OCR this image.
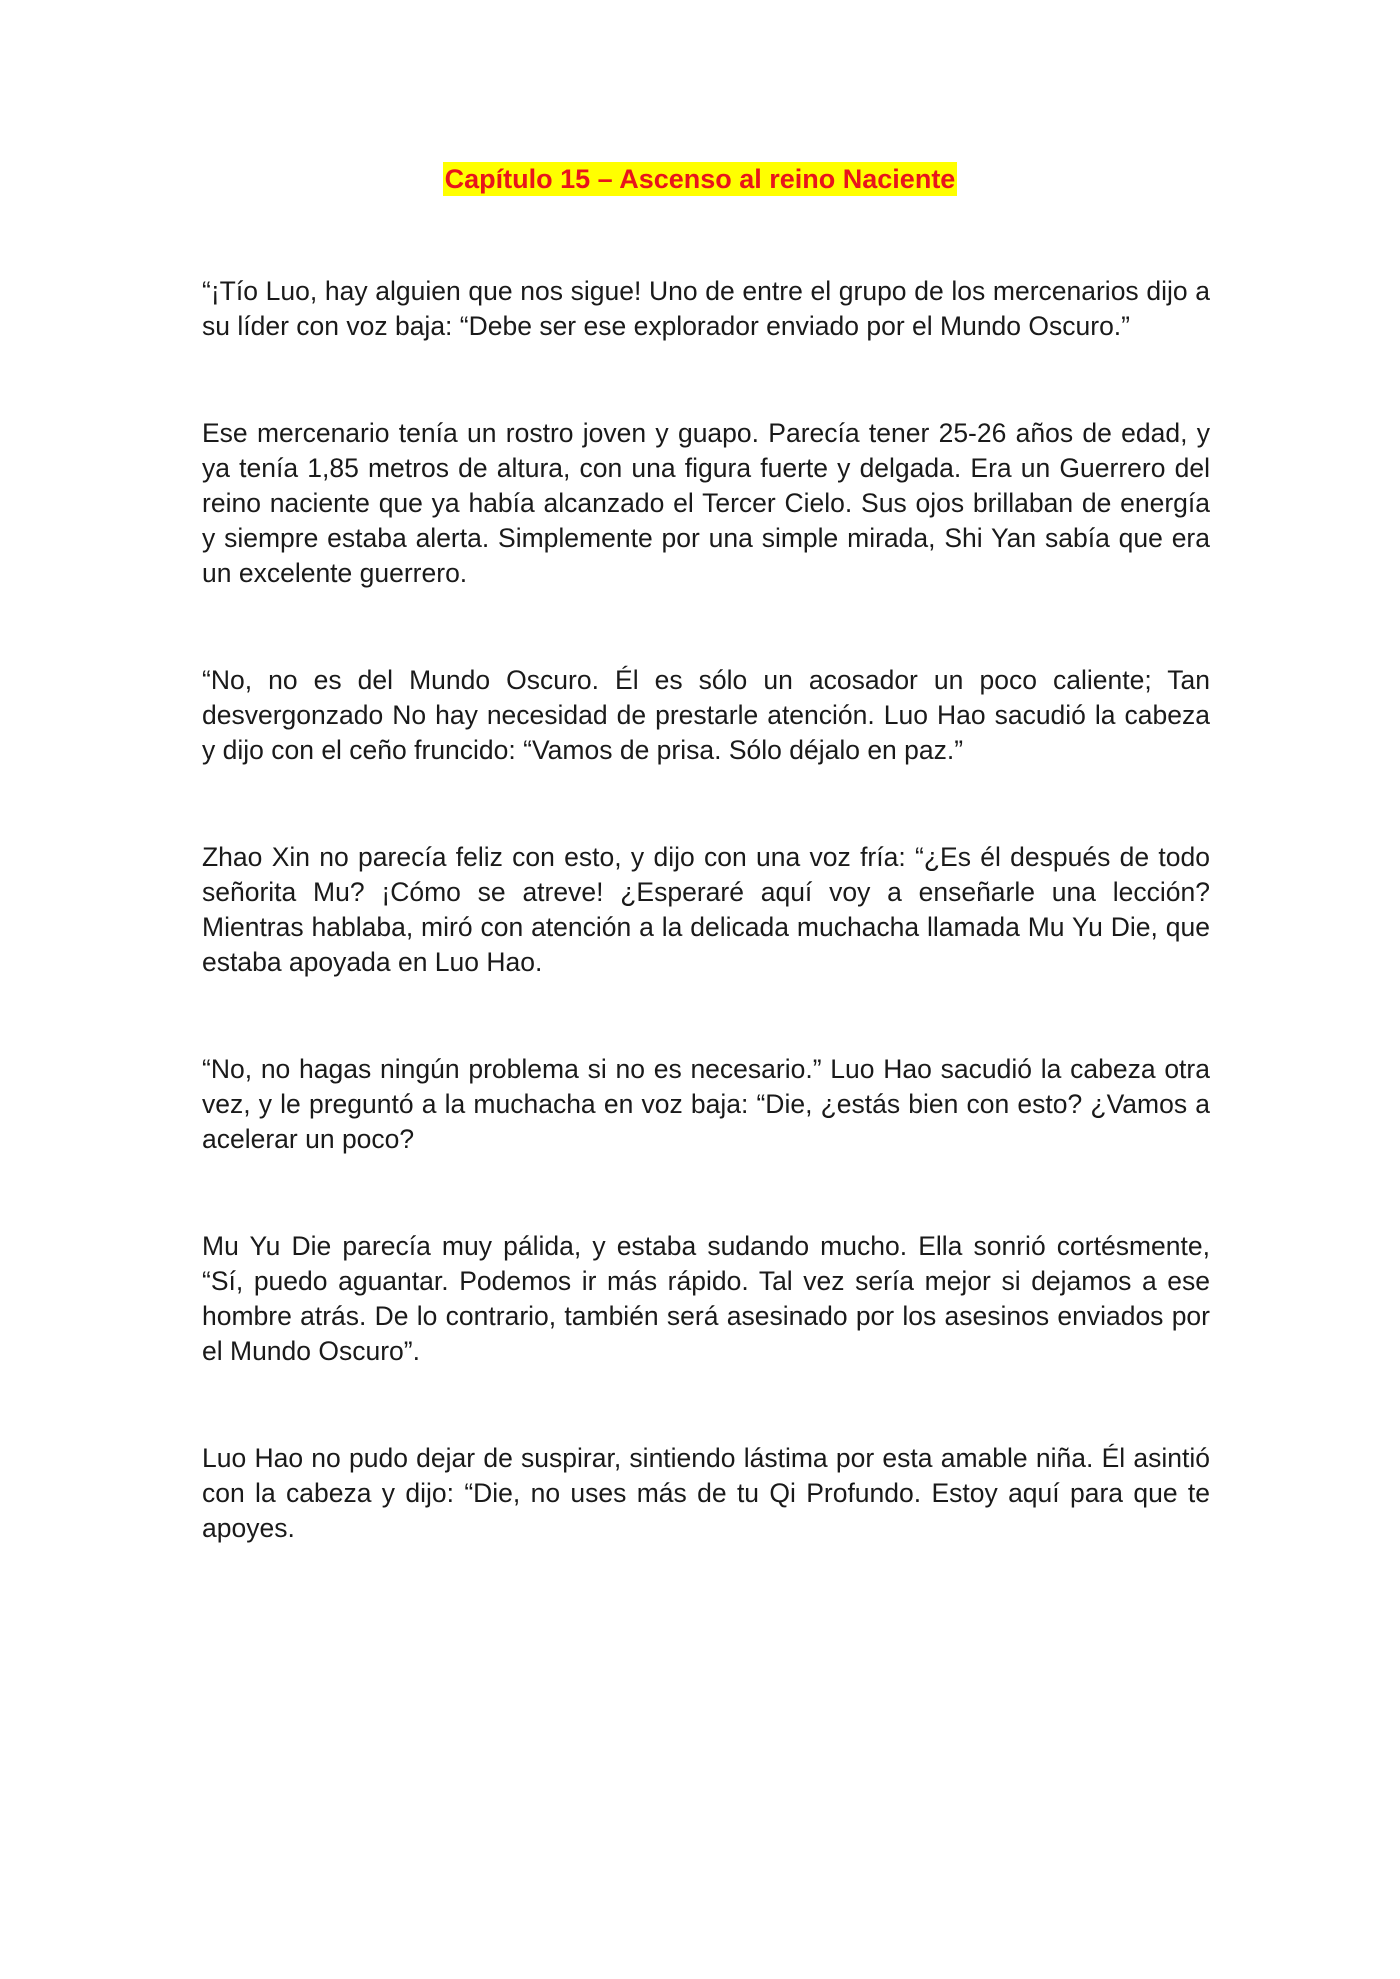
Capítulo 15 – Ascenso al reino Naciente

“¡Tío Luo, hay alguien que nos sigue! Uno de entre el grupo de los mercenarios dijo a su líder con voz baja: “Debe ser ese explorador enviado por el Mundo Oscuro.”

Ese mercenario tenía un rostro joven y guapo. Parecía tener 25-26 años de edad, y ya tenía 1,85 metros de altura, con una figura fuerte y delgada. Era un Guerrero del reino naciente que ya había alcanzado el Tercer Cielo. Sus ojos brillaban de energía y siempre estaba alerta. Simplemente por una simple mirada, Shi Yan sabía que era un excelente guerrero.

“No, no es del Mundo Oscuro. Él es sólo un acosador un poco caliente; Tan desvergonzado No hay necesidad de prestarle atención. Luo Hao sacudió la cabeza y dijo con el ceño fruncido: “Vamos de prisa. Sólo déjalo en paz.”

Zhao Xin no parecía feliz con esto, y dijo con una voz fría: “¿Es él después de todo señorita Mu? ¡Cómo se atreve! ¿Esperaré aquí voy a enseñarle una lección? Mientras hablaba, miró con atención a la delicada muchacha llamada Mu Yu Die, que estaba apoyada en Luo Hao.

“No, no hagas ningún problema si no es necesario.” Luo Hao sacudió la cabeza otra vez, y le preguntó a la muchacha en voz baja: “Die, ¿estás bien con esto? ¿Vamos a acelerar un poco?

Mu Yu Die parecía muy pálida, y estaba sudando mucho. Ella sonrió cortésmente, “Sí, puedo aguantar. Podemos ir más rápido. Tal vez sería mejor si dejamos a ese hombre atrás. De lo contrario, también será asesinado por los asesinos enviados por el Mundo Oscuro”.

Luo Hao no pudo dejar de suspirar, sintiendo lástima por esta amable niña. Él asintió con la cabeza y dijo: “Die, no uses más de tu Qi Profundo. Estoy aquí para que te apoyes.
